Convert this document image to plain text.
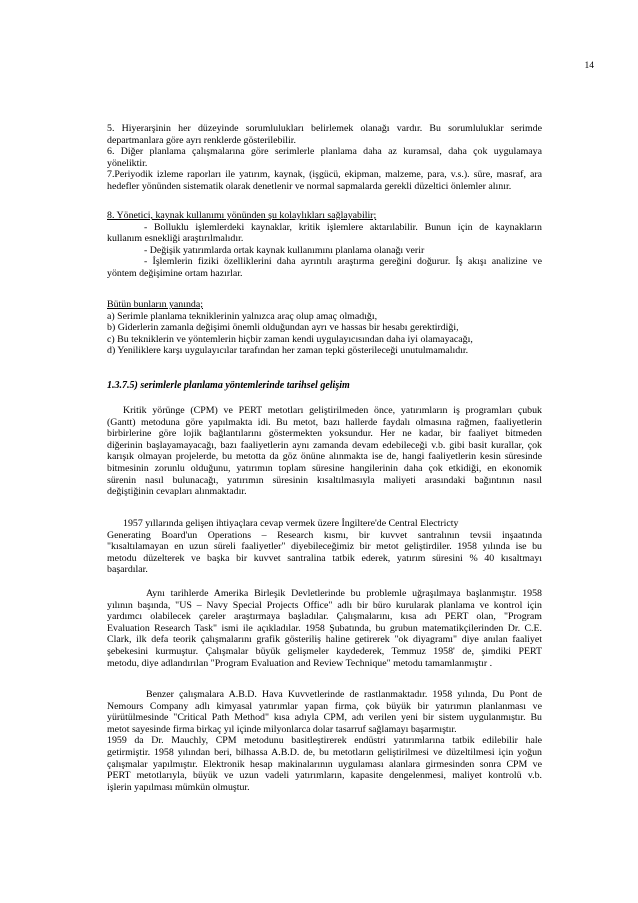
14
5. Hiyerarşinin her düzeyinde sorumlulukları belirlemek olanağı vardır. Bu sorumluluklar serimde
departmanlara göre ayrı renklerde gösterilebilir.
6. Diğer planlama çalışmalarına göre serimlerle planlama daha az kuramsal, daha çok uygulamaya
yöneliktir.
7.Periyodik izleme raporları ile yatırım, kaynak, (işgücü, ekipman, malzeme, para, v.s.). süre, masraf, ara
hedefler yönünden sistematik olarak denetlenir ve normal sapmalarda gerekli düzeltici önlemler alınır.
8. Yönetici, kaynak kullanımı yönünden şu kolaylıkları sağlayabilir;
- Bolluklu işlemlerdeki kaynaklar, kritik işlemlere aktarılabilir. Bunun için de kaynakların
kullanım esnekliği araştırılmalıdır.
- Değişik yatırımlarda ortak kaynak kullanımını planlama olanağı verir
- İşlemlerin fiziki özelliklerini daha ayrıntılı araştırma gereğini doğurur. İş akışı analizine ve
yöntem değişimine ortam hazırlar.
Bütün bunların yanında;
a) Serimle planlama tekniklerinin yalnızca araç olup amaç olmadığı,
b) Giderlerin zamanla değişimi önemli olduğundan ayrı ve hassas bir hesabı gerektirdiği,
c) Bu tekniklerin ve yöntemlerin hiçbir zaman kendi uygulayıcısından daha iyi olamayacağı,
d) Yeniliklere karşı uygulayıcılar tarafından her zaman tepki gösterileceği unutulmamalıdır.
1.3.7.5) serimlerle planlama yöntemlerinde tarihsel gelişim
Kritik yörünge (CPM) ve PERT metotları geliştirilmeden önce, yatırımların iş programları çubuk
(Gantt) metoduna göre yapılmakta idi. Bu metot, bazı hallerde faydalı olmasına rağmen, faaliyetlerin
birbirlerine göre lojik bağlantılarını göstermekten yoksundur. Her ne kadar, bir faaliyet bitmeden
diğerinin başlayamayacağı, bazı faaliyetlerin aynı zamanda devam edebileceği v.b. gibi basit kurallar, çok
karışık olmayan projelerde, bu metotta da göz önüne alınmakta ise de, hangi faaliyetlerin kesin süresinde
bitmesinin zorunlu olduğunu, yatırımın toplam süresine hangilerinin daha çok etkidiği, en ekonomik
sürenin nasıl bulunacağı, yatırımın süresinin kısaltılmasıyla maliyeti arasındaki bağıntının nasıl
değiştiğinin cevapları alınmaktadır.
1957 yıllarında gelişen ihtiyaçlara cevap vermek üzere İngiltere'de Central Electricty
Generating Board'un Operations – Research kısmı, bir kuvvet santralının tevsii inşaatında
"kısaltılamayan en uzun süreli faaliyetler" diyebileceğimiz bir metot geliştirdiler. 1958 yılında ise bu
metodu düzelterek ve başka bir kuvvet santralina tatbik ederek, yatırım süresini % 40 kısaltmayı
başardılar.
Aynı tarihlerde Amerika Birleşik Devletlerinde bu problemle uğraşılmaya başlanmıştır. 1958
yılının başında, "US – Navy Special Projects Office" adlı bir büro kurularak planlama ve kontrol için
yardımcı olabilecek çareler araştırmaya başladılar. Çalışmalarını, kısa adı PERT olan, "Program
Evaluation Research Task" ismi ile açıkladılar. 1958 Şubatında, bu grubun matematikçilerinden Dr. C.E.
Clark, ilk defa teorik çalışmalarını grafik gösteriliş haline getirerek "ok diyagramı" diye anılan faaliyet
şebekesini kurmuştur. Çalışmalar büyük gelişmeler kaydederek, Temmuz 1958' de, şimdiki PERT
metodu, diye adlandırılan "Program Evaluation and Review Technique" metodu tamamlanmıştır .
Benzer çalışmalara A.B.D. Hava Kuvvetlerinde de rastlanmaktadır. 1958 yılında, Du Pont de
Nemours Company adlı kimyasal yatırımlar yapan firma, çok büyük bir yatırımın planlanması ve
yürütülmesinde "Critical Path Method" kısa adıyla CPM, adı verilen yeni bir sistem uygulanmıştır. Bu
metot sayesinde firma birkaç yıl içinde milyonlarca dolar tasarruf sağlamayı başarmıştır.
1959 da Dr. Mauchly, CPM metodunu basitleştirerek endüstri yatırımlarına tatbik edilebilir hale
getirmiştir. 1958 yılından beri, bilhassa A.B.D. de, bu metotların geliştirilmesi ve düzeltilmesi için yoğun
çalışmalar yapılmıştır. Elektronik hesap makinalarının uygulaması alanlara girmesinden sonra CPM ve
PERT metotlarıyla, büyük ve uzun vadeli yatırımların, kapasite dengelenmesi, maliyet kontrolü v.b.
işlerin yapılması mümkün olmuştur.
